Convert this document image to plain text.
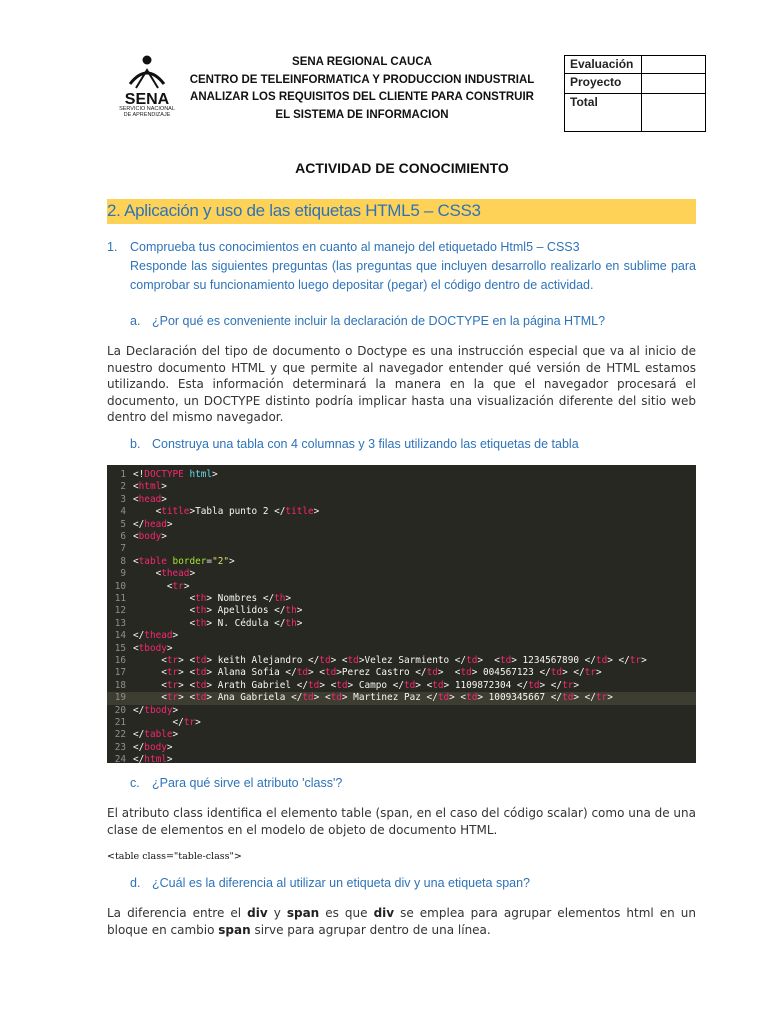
SENA
SERVICIO NACIONAL
DE APRENDIZAJE
SENA REGIONAL CAUCA
CENTRO DE TELEINFORMATICA Y PRODUCCION INDUSTRIAL
ANALIZAR LOS REQUISITOS DEL CLIENTE PARA CONSTRUIR
EL SISTEMA DE INFORMACION
Evaluación	
Proyecto	
Total	
ACTIVIDAD DE CONOCIMIENTO
2. Aplicación y uso de las etiquetas HTML5 – CSS3
1. Comprueba tus conocimientos en cuanto al manejo del etiquetado Html5 – CSS3
Responde las siguientes preguntas (las preguntas que incluyen desarrollo realizarlo en sublime para comprobar su funcionamiento luego depositar (pegar) el código dentro de actividad.
a. ¿Por qué es conveniente incluir la declaración de DOCTYPE en la página HTML?
La Declaración del tipo de documento o Doctype es una instrucción especial que va al inicio de nuestro documento HTML y que permite al navegador entender qué versión de HTML estamos utilizando. Esta información determinará la manera en la que el navegador procesará el documento, un DOCTYPE distinto podría implicar hasta una visualización diferente del sitio web dentro del mismo navegador.
b. Construya una tabla con 4 columnas y 3 filas utilizando las etiquetas de tabla
1 <!DOCTYPE html>
2 <html>
3 <head>
4 <title>Tabla punto 2 </title>
5 </head>
6 <body>
7
8 <table border="2">
9 <thead>
10 <tr>
11 <th> Nombres </th>
12 <th> Apellidos </th>
13 <th> N. Cédula </th>
14 </thead>
15 <tbody>
16 <tr> <td> keith Alejandro </td> <td>Velez Sarmiento </td>  <td> 1234567890 </td> </tr>
17 <tr> <td> Alana Sofia </td> <td>Perez Castro </td>  <td> 004567123 </td> </tr>
18 <tr> <td> Arath Gabriel </td> <td> Campo </td> <td> 1109872304 </td> </tr>
19 <tr> <td> Ana Gabriela </td> <td> Martinez Paz </td> <td> 1009345667 </td> </tr>
20 </tbody>
21 </tr>
22 </table>
23 </body>
24 </html>
c. ¿Para qué sirve el atributo 'class'?
El atributo class identifica el elemento table (span, en el caso del código scalar) como una de una clase de elementos en el modelo de objeto de documento HTML.
<table class="table-class">
d. ¿Cuál es la diferencia al utilizar un etiqueta div y una etiqueta span?
La diferencia entre el div y span es que div se emplea para agrupar elementos html en un bloque en cambio span sirve para agrupar dentro de una línea.
